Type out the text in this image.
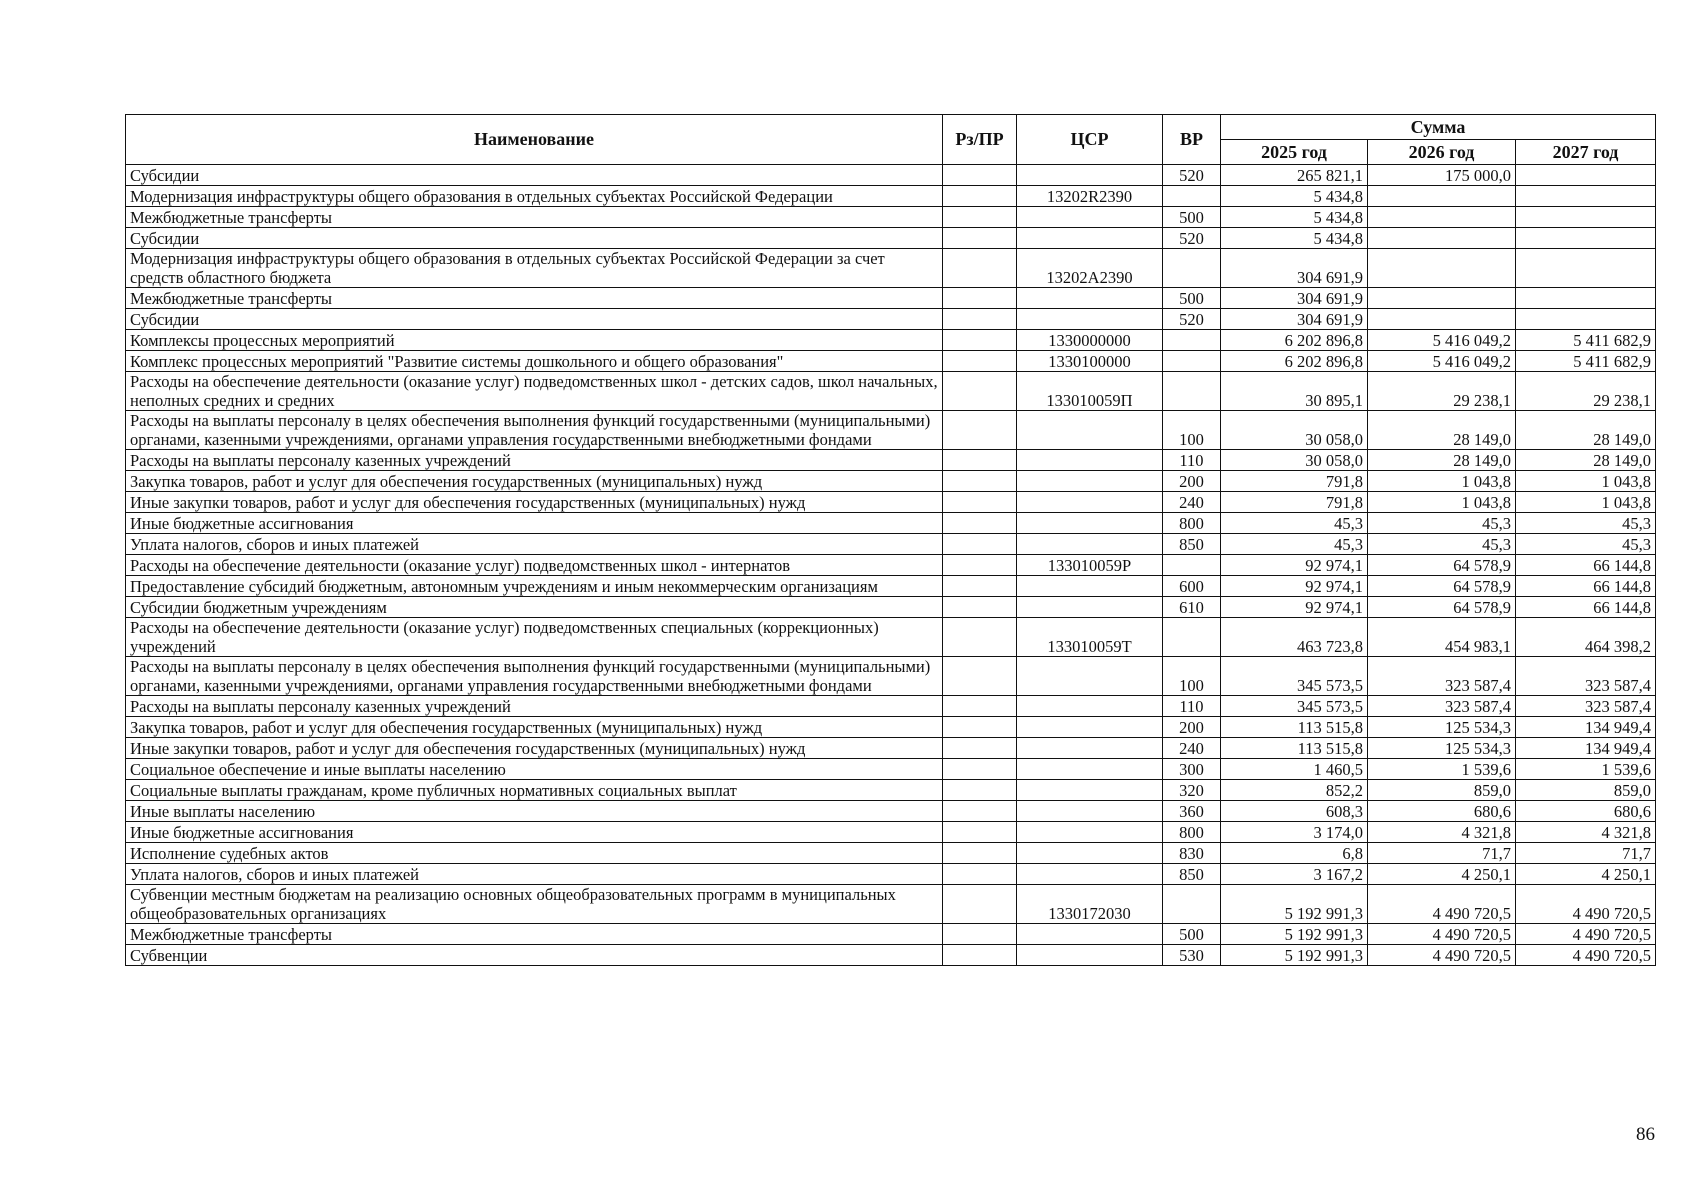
Наименование	Рз/ПР	ЦСР	ВР	Сумма		
				2025 год	2026 год	2027 год
Субсидии			520	265 821,1	175 000,0	
Модернизация инфраструктуры общего образования в отдельных субъектах Российской Федерации		13202R2390		5 434,8		
Межбюджетные трансферты			500	5 434,8		
Субсидии			520	5 434,8		
Модернизация инфраструктуры общего образования в отдельных субъектах Российской Федерации за счет средств областного бюджета		13202A2390		304 691,9		
Межбюджетные трансферты			500	304 691,9		
Субсидии			520	304 691,9		
Комплексы процессных мероприятий		1330000000		6 202 896,8	5 416 049,2	5 411 682,9
Комплекс процессных мероприятий "Развитие системы дошкольного и общего образования"		1330100000		6 202 896,8	5 416 049,2	5 411 682,9
Расходы на обеспечение деятельности (оказание услуг) подведомственных школ - детских садов, школ начальных, неполных средних и средних		133010059П		30 895,1	29 238,1	29 238,1
Расходы на выплаты персоналу в целях обеспечения выполнения функций государственными (муниципальными) органами, казенными учреждениями, органами управления государственными внебюджетными фондами			100	30 058,0	28 149,0	28 149,0
Расходы на выплаты персоналу казенных учреждений			110	30 058,0	28 149,0	28 149,0
Закупка товаров, работ и услуг для обеспечения государственных (муниципальных) нужд			200	791,8	1 043,8	1 043,8
Иные закупки товаров, работ и услуг для обеспечения государственных (муниципальных) нужд			240	791,8	1 043,8	1 043,8
Иные бюджетные ассигнования			800	45,3	45,3	45,3
Уплата налогов, сборов и иных платежей			850	45,3	45,3	45,3
Расходы на обеспечение деятельности (оказание услуг) подведомственных школ - интернатов		133010059Р		92 974,1	64 578,9	66 144,8
Предоставление субсидий бюджетным, автономным учреждениям и иным некоммерческим организациям			600	92 974,1	64 578,9	66 144,8
Субсидии бюджетным учреждениям			610	92 974,1	64 578,9	66 144,8
Расходы на обеспечение деятельности (оказание услуг) подведомственных специальных (коррекционных) учреждений		133010059Т		463 723,8	454 983,1	464 398,2
Расходы на выплаты персоналу в целях обеспечения выполнения функций государственными (муниципальными) органами, казенными учреждениями, органами управления государственными внебюджетными фондами			100	345 573,5	323 587,4	323 587,4
Расходы на выплаты персоналу казенных учреждений			110	345 573,5	323 587,4	323 587,4
Закупка товаров, работ и услуг для обеспечения государственных (муниципальных) нужд			200	113 515,8	125 534,3	134 949,4
Иные закупки товаров, работ и услуг для обеспечения государственных (муниципальных) нужд			240	113 515,8	125 534,3	134 949,4
Социальное обеспечение и иные выплаты населению			300	1 460,5	1 539,6	1 539,6
Социальные выплаты гражданам, кроме публичных нормативных социальных выплат			320	852,2	859,0	859,0
Иные выплаты населению			360	608,3	680,6	680,6
Иные бюджетные ассигнования			800	3 174,0	4 321,8	4 321,8
Исполнение судебных актов			830	6,8	71,7	71,7
Уплата налогов, сборов и иных платежей			850	3 167,2	4 250,1	4 250,1
Субвенции местным бюджетам на реализацию основных общеобразовательных программ в муниципальных общеобразовательных организациях		1330172030		5 192 991,3	4 490 720,5	4 490 720,5
Межбюджетные трансферты			500	5 192 991,3	4 490 720,5	4 490 720,5
Субвенции			530	5 192 991,3	4 490 720,5	4 490 720,5
86
